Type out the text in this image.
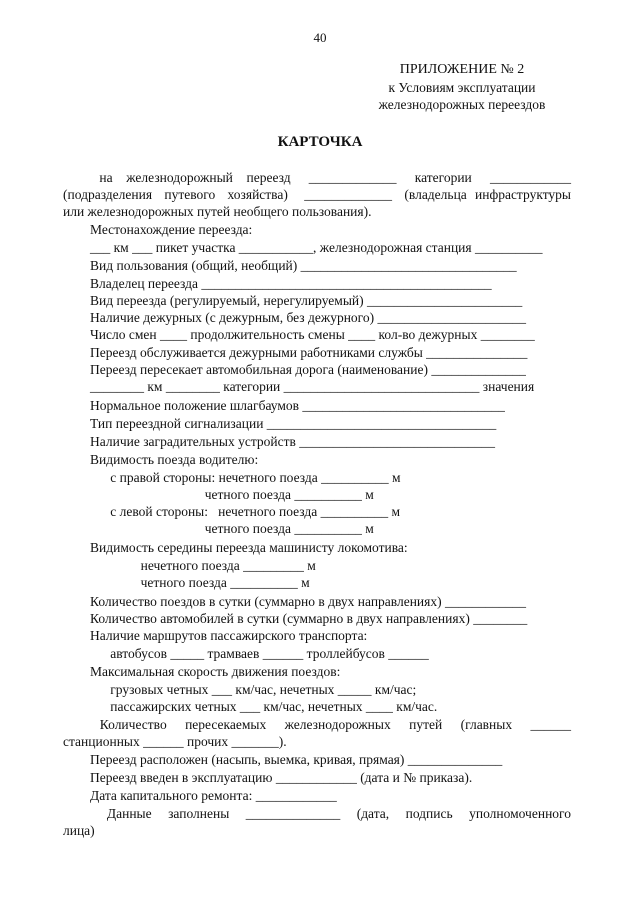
40
ПРИЛОЖЕНИЕ № 2
к Условиям эксплуатации
железнодорожных переездов
КАРТОЧКА
на   железнодорожный   переезд    _____________    категории    ____________
(подразделения   путевого   хозяйства)    _____________   (владельца  инфраструктуры
или железнодорожных путей необщего пользования).
Местонахождение переезда:
___ км ___ пикет участка ___________, железнодорожная станция __________
Вид пользования (общий, необщий) ________________________________
Владелец переезда ___________________________________________
Вид переезда (регулируемый, нерегулируемый) _______________________
Наличие дежурных (с дежурным, без дежурного) ______________________
Число смен ____ продолжительность смены ____ кол-во дежурных ________
Переезд обслуживается дежурными работниками службы _______________
Переезд пересекает автомобильная дорога (наименование) ______________
________ км ________ категории _____________________________ значения
Нормальное положение шлагбаумов ______________________________
Тип переездной сигнализации __________________________________
Наличие заградительных устройств _____________________________
Видимость поезда водителю:
с правой стороны: нечетного поезда __________ м
четного поезда __________ м
с левой стороны:   нечетного поезда __________ м
четного поезда __________ м
Видимость середины переезда машинисту локомотива:
нечетного поезда _________ м
четного поезда __________ м
Количество поездов в сутки (суммарно в двух направлениях) ____________
Количество автомобилей в сутки (суммарно в двух направлениях) ________
Наличие маршрутов пассажирского транспорта:
автобусов _____ трамваев ______ троллейбусов ______
Максимальная скорость движения поездов:
грузовых четных ___ км/час, нечетных _____ км/час;
пассажирских четных ___ км/час, нечетных ____ км/час.
Количество    пересекаемых    железнодорожных    путей    (главных    ______
станционных ______ прочих _______).
Переезд расположен (насыпь, выемка, кривая, прямая) ______________
Переезд введен в эксплуатацию ____________ (дата и № приказа).
Дата капитального ремонта: ____________
Данные   заполнены   ______________   (дата,   подпись   уполномоченного
лица)
